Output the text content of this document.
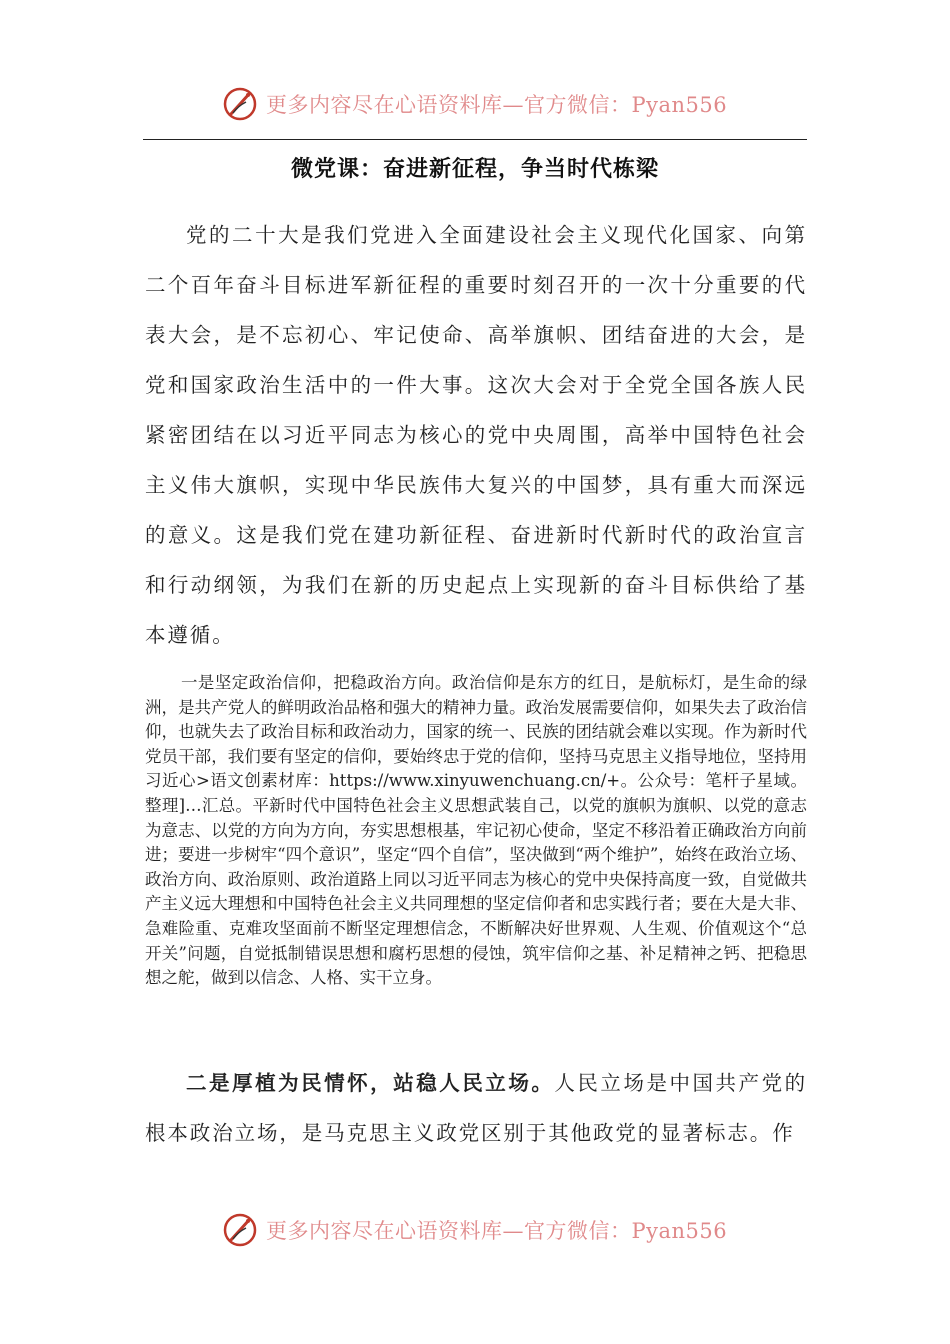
更多内容尽在心语资料库—官方微信：Pyan556
微党课：奋进新征程，争当时代栋梁

党的二十大是我们党进入全面建设社会主义现代化国家、向第二个百年奋斗目标进军新征程的重要时刻召开的一次十分重要的代表大会，是不忘初心、牢记使命、高举旗帜、团结奋进的大会，是党和国家政治生活中的一件大事。这次大会对于全党全国各族人民紧密团结在以习近平同志为核心的党中央周围，高举中国特色社会主义伟大旗帜，实现中华民族伟大复兴的中国梦，具有重大而深远的意义。这是我们党在建功新征程、奋进新时代新时代的政治宣言和行动纲领，为我们在新的历史起点上实现新的奋斗目标供给了基本遵循。

一是坚定政治信仰，把稳政治方向。政治信仰是东方的红日，是航标灯，是生命的绿洲，是共产党人的鲜明政治品格和强大的精神力量。政治发展需要信仰，如果失去了政治信仰，也就失去了政治目标和政治动力，国家的统一、民族的团结就会难以实现。作为新时代党员干部，我们要有坚定的信仰，要始终忠于党的信仰，坚持马克思主义指导地位，坚持用习近心>语文创素材库：https://www.xinyuwenchuang.cn/+。公众号：笔杆子星域。整理]…汇总。平新时代中国特色社会主义思想武装自己，以党的旗帜为旗帜、以党的意志为意志、以党的方向为方向，夯实思想根基，牢记初心使命，坚定不移沿着正确政治方向前进；要进一步树牢“四个意识”，坚定“四个自信”，坚决做到“两个维护”，始终在政治立场、政治方向、政治原则、政治道路上同以习近平同志为核心的党中央保持高度一致，自觉做共产主义远大理想和中国特色社会主义共同理想的坚定信仰者和忠实践行者；要在大是大非、急难险重、克难攻坚面前不断坚定理想信念，不断解决好世界观、人生观、价值观这个“总开关”问题，自觉抵制错误思想和腐朽思想的侵蚀，筑牢信仰之基、补足精神之钙、把稳思想之舵，做到以信念、人格、实干立身。

二是厚植为民情怀，站稳人民立场。人民立场是中国共产党的根本政治立场，是马克思主义政党区别于其他政党的显著标志。作

更多内容尽在心语资料库—官方微信：Pyan556
